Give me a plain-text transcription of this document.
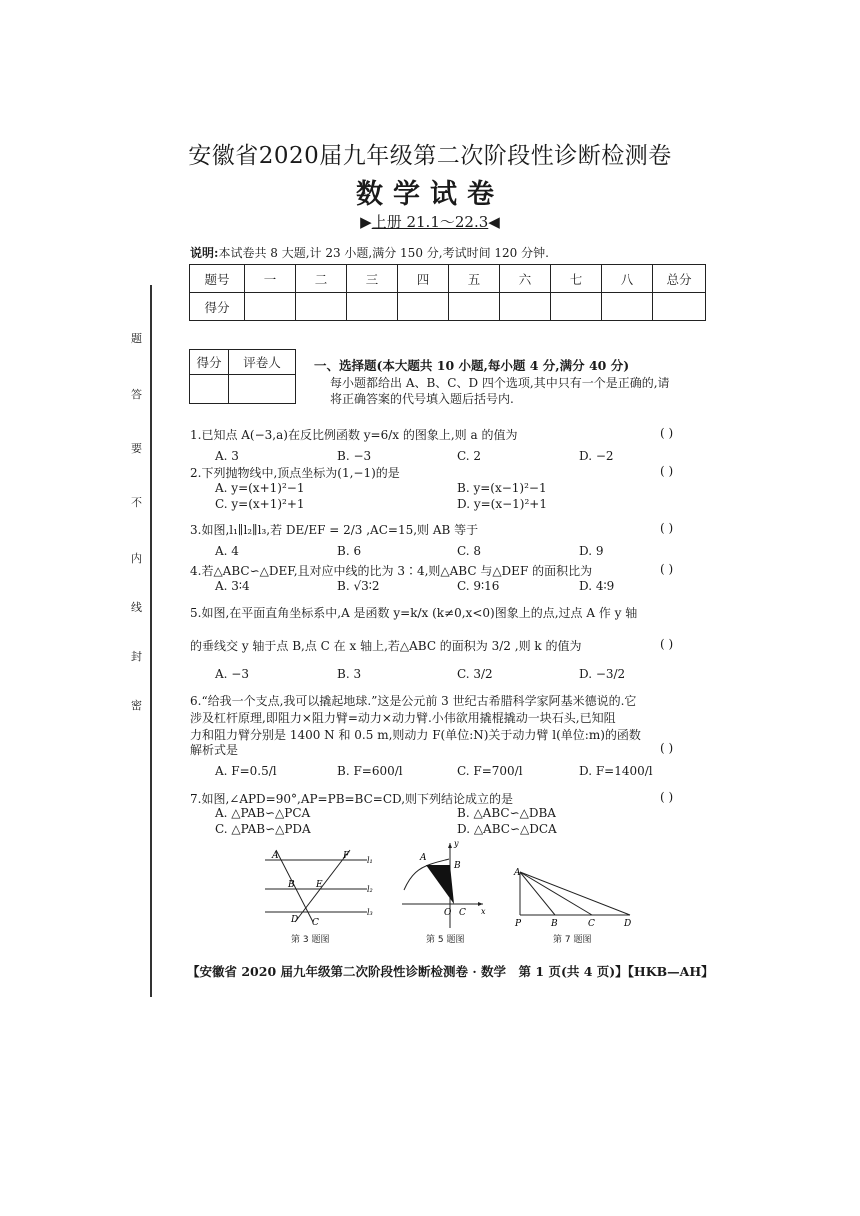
密
封
线
内
不
要
答
题
安徽省2020届九年级第二次阶段性诊断检测卷
数学试卷
▶上册 21.1～22.3◀
说明:本试卷共 8 大题,计 23 小题,满分 150 分,考试时间 120 分钟.
题号	一	二	三	四	五	六	七	八	总分
得分									
得分	评卷人
		一、选择题(本大题共 10 小题,每小题 4 分,满分 40 分)
每小题都给出 A、B、C、D 四个选项,其中只有一个是正确的,请
将正确答案的代号填入题后括号内.
1.已知点 A(−3,a)在反比例函数 y=6/x 的图象上,则 a 的值为	( )
A. 3	B. −3	C. 2	D. −2
2.下列抛物线中,顶点坐标为(1,−1)的是	( )
A. y=(x+1)²−1	B. y=(x−1)²−1
C. y=(x+1)²+1	D. y=(x−1)²+1
3.如图,l₁∥l₂∥l₃,若 DE/EF = 2/3 ,AC=15,则 AB 等于	( )
A. 4	B. 6	C. 8	D. 9
4.若△ABC∽△DEF,且对应中线的比为 3∶4,则△ABC 与△DEF 的面积比为	( )
A. 3∶4	B. √3∶2	C. 9∶16	D. 4∶9
5.如图,在平面直角坐标系中,A 是函数 y=k/x (k≠0,x<0)图象上的点,过点 A 作 y 轴
的垂线交 y 轴于点 B,点 C 在 x 轴上,若△ABC 的面积为 3/2 ,则 k 的值为	( )
A. −3	B. 3	C. 3/2	D. −3/2
6.“给我一个支点,我可以撬起地球.”这是公元前 3 世纪古希腊科学家阿基米德说的.它
涉及杠杆原理,即阻力×阻力臂=动力×动力臂.小伟欲用撬棍撬动一块石头,已知阻
力和阻力臂分别是 1400 N 和 0.5 m,则动力 F(单位:N)关于动力臂 l(单位:m)的函数
解析式是	( )
A. F=0.5/l	B. F=600/l	C. F=700/l	D. F=1400/l
7.如图,∠APD=90°,AP=PB=BC=CD,则下列结论成立的是	( )
A. △PAB∽△PCA	B. △ABC∽△DBA
C. △PAB∽△PDA	D. △ABC∽△DCA
A	F l₁
B E	l₂
D C
l₃
第 3 题图
A
B
y
O C x
第 5 题图
A
P	B	C	D
第 7 题图
【安徽省 2020 届九年级第二次阶段性诊断检测卷 · 数学　第 1 页(共 4 页)】【HKB—AH】
